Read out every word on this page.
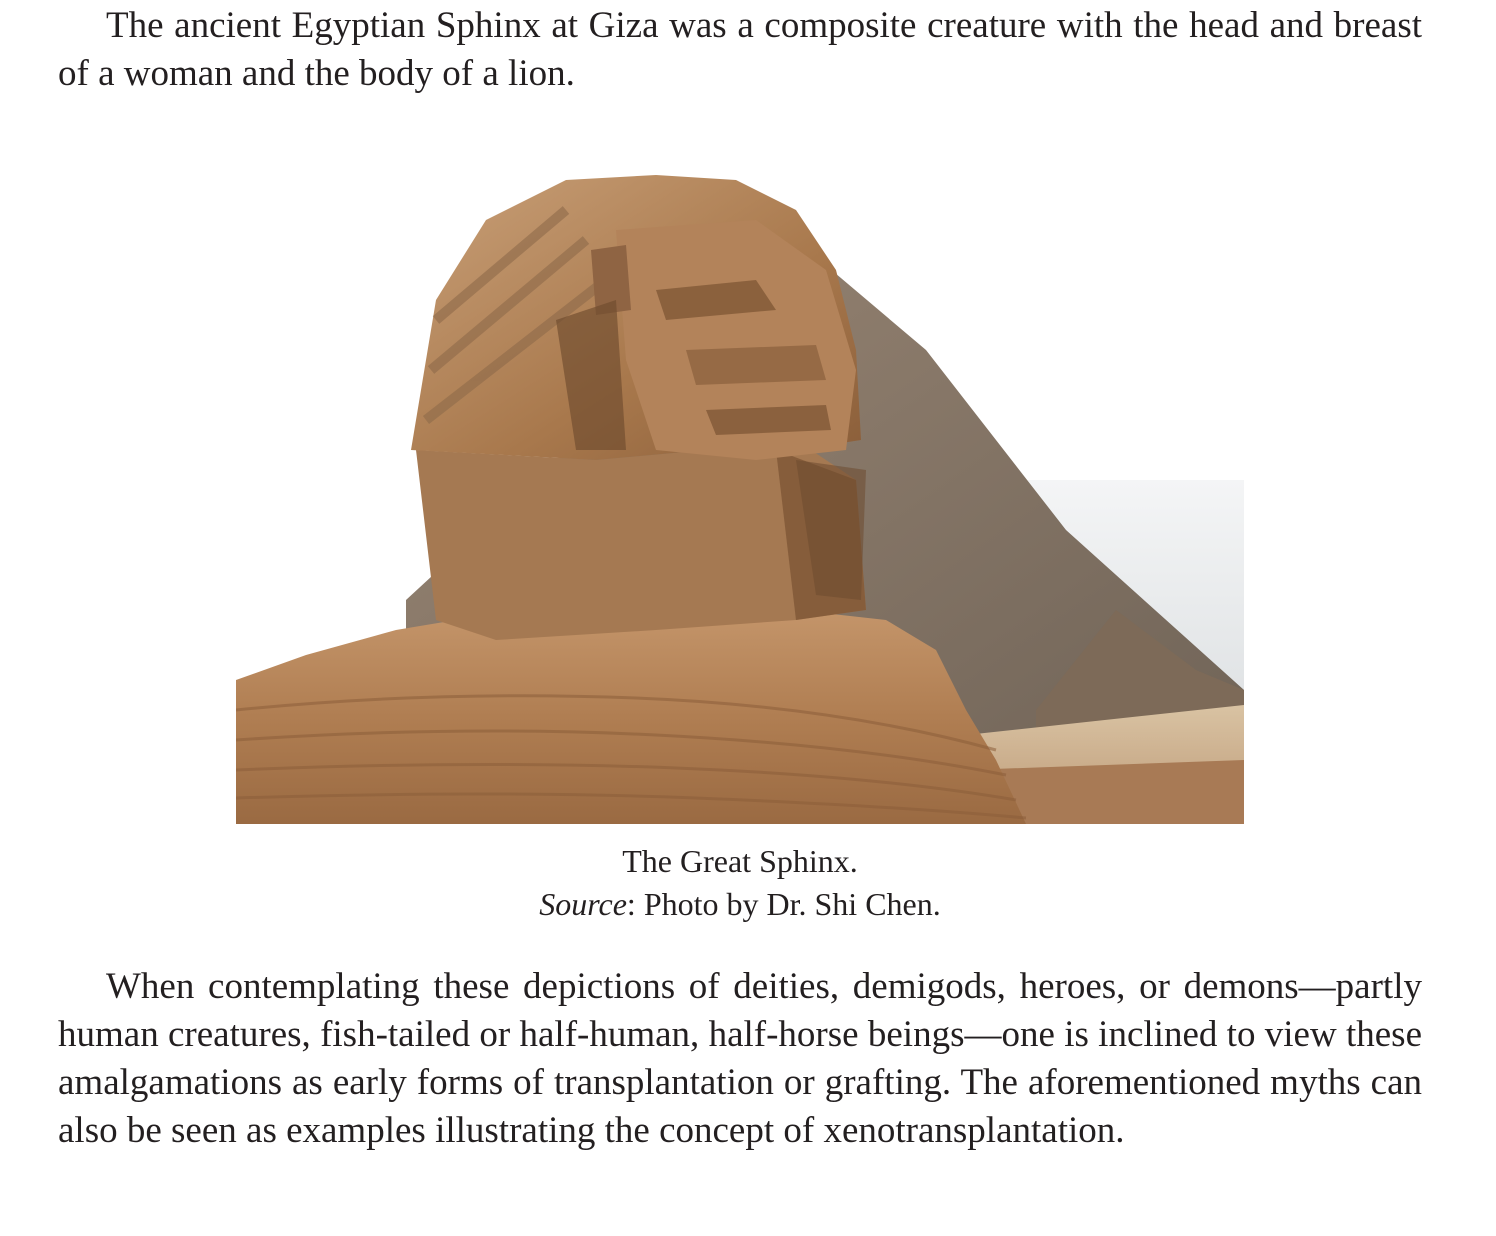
The ancient Egyptian Sphinx at Giza was a composite creature with the head and breast of a woman and the body of a lion.

The Great Sphinx.
Source: Photo by Dr. Shi Chen.

When contemplating these depictions of deities, demigods, heroes, or demons—partly human creatures, fish-tailed or half-human, half-horse beings—one is inclined to view these amalgamations as early forms of transplantation or grafting. The aforementioned myths can also be seen as examples illustrating the concept of xenotransplantation.
